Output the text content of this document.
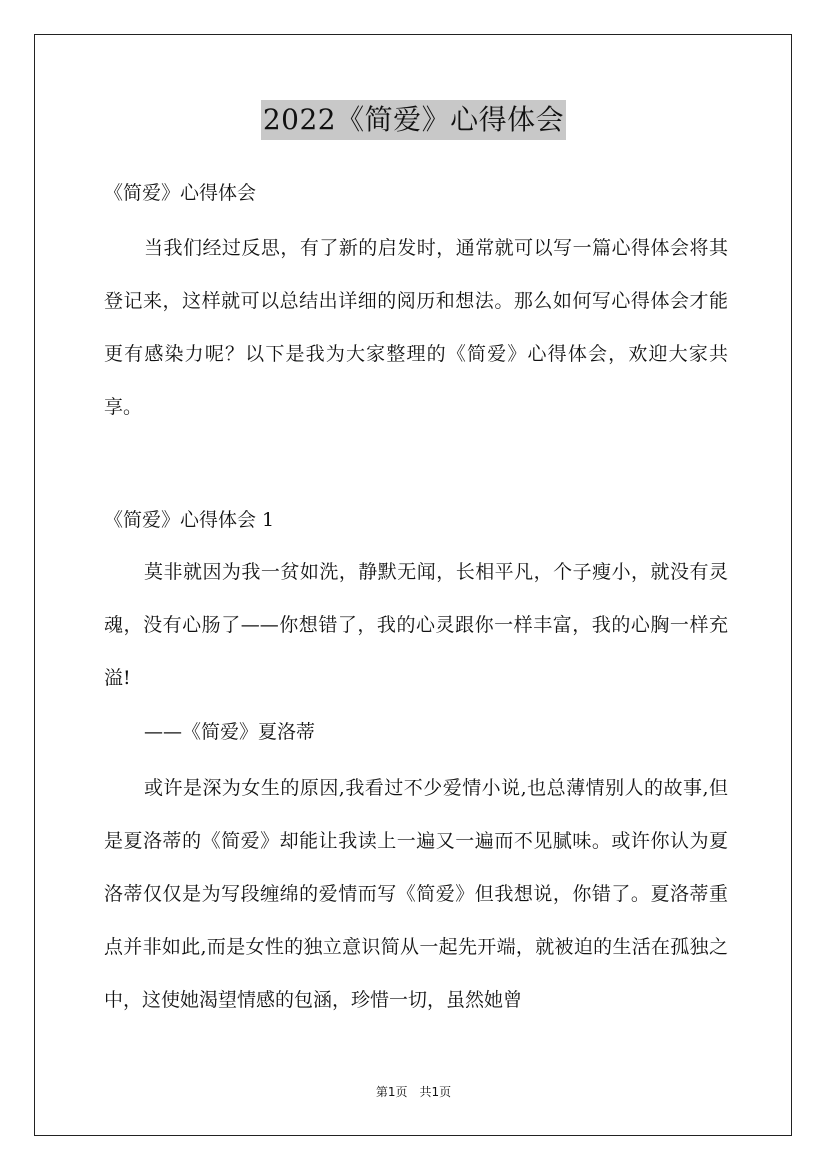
2022《简爱》心得体会
《简爱》心得体会

当我们经过反思，有了新的启发时，通常就可以写一篇心得体会将其登记来，这样就可以总结出详细的阅历和想法。那么如何写心得体会才能更有感染力呢？以下是我为大家整理的《简爱》心得体会，欢迎大家共享。

《简爱》心得体会 1

莫非就因为我一贫如洗，静默无闻，长相平凡，个子瘦小，就没有灵魂，没有心肠了——你想错了，我的心灵跟你一样丰富，我的心胸一样充溢!

——《简爱》夏洛蒂

或许是深为女生的原因,我看过不少爱情小说,也总薄情别人的故事,但是夏洛蒂的《简爱》却能让我读上一遍又一遍而不见腻味。或许你认为夏洛蒂仅仅是为写段缠绵的爱情而写《简爱》但我想说，你错了。夏洛蒂重点并非如此,而是女性的独立意识简从一起先开端，就被迫的生活在孤独之中，这使她渴望情感的包涵，珍惜一切，虽然她曾

第1页　共1页
